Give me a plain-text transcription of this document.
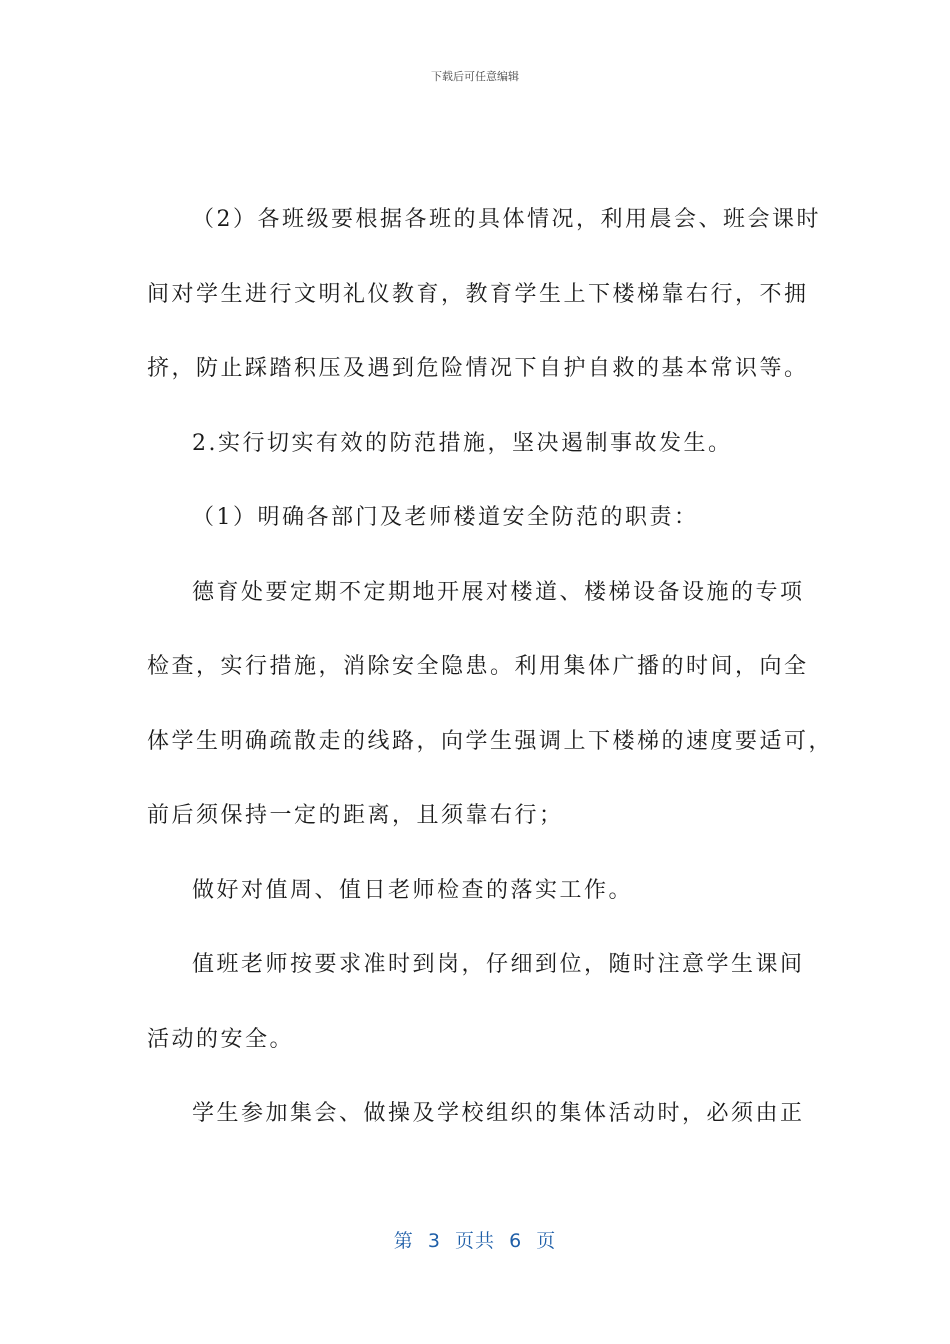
下载后可任意编辑
（2）各班级要根据各班的具体情况，利用晨会、班会课时
间对学生进行文明礼仪教育，教育学生上下楼梯靠右行，不拥
挤，防止踩踏积压及遇到危险情况下自护自救的基本常识等。
2.实行切实有效的防范措施，坚决遏制事故发生。
（1）明确各部门及老师楼道安全防范的职责：
德育处要定期不定期地开展对楼道、楼梯设备设施的专项
检查，实行措施，消除安全隐患。利用集体广播的时间，向全
体学生明确疏散走的线路，向学生强调上下楼梯的速度要适可，
前后须保持一定的距离，且须靠右行；
做好对值周、值日老师检查的落实工作。
值班老师按要求准时到岗，仔细到位，随时注意学生课间
活动的安全。
学生参加集会、做操及学校组织的集体活动时，必须由正
第  3  页共  6  页
